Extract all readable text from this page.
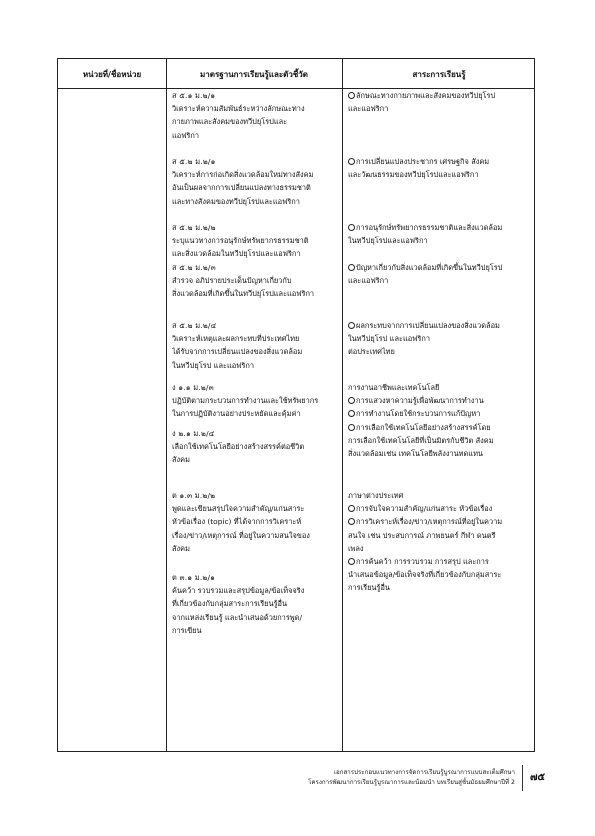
หน่วยที่/ชื่อหน่วย	มาตรฐานการเรียนรู้และตัวชี้วัด	สาระการเรียนรู้
ส ๕.๑ ม.๒/๑
วิเคราะห์ความสัมพันธ์ระหว่างลักษณะทาง
กายภาพและสังคมของทวีปยุโรปและ
แอฟริกา
ส ๕.๒ ม.๒/๑
วิเคราะห์การก่อเกิดสิ่งแวดล้อมใหม่ทางสังคม
อันเป็นผลจากการเปลี่ยนแปลงทางธรรมชาติ
และทางสังคมของทวีปยุโรปและแอฟริกา
ส ๕.๒ ม.๒/๒
ระบุแนวทางการอนุรักษ์ทรัพยากรธรรมชาติ
และสิ่งแวดล้อมในทวีปยุโรปและแอฟริกา
ส ๕.๒ ม.๒/๓
สำรวจ อภิปรายประเด็นปัญหาเกี่ยวกับ
สิ่งแวดล้อมที่เกิดขึ้นในทวีปยุโรปและแอฟริกา
ส ๕.๒ ม.๒/๔
วิเคราะห์เหตุและผลกระทบที่ประเทศไทย
ได้รับจากการเปลี่ยนแปลงของสิ่งแวดล้อม
ในทวีปยุโรป และแอฟริกา
ง ๑.๑ ม.๒/๓
ปฏิบัติตามกระบวนการทำงานและใช้ทรัพยากร
ในการปฏิบัติงานอย่างประหยัดและคุ้มค่า
ง ๒.๑ ม.๒/๔
เลือกใช้เทคโนโลยีอย่างสร้างสรรค์ต่อชีวิต
สังคม
ต ๑.๓ ม.๒/๒
พูดและเขียนสรุปใจความสำคัญ/แก่นสาระ
หัวข้อเรื่อง (topic) ที่ได้จากการวิเคราะห์
เรื่อง/ข่าว/เหตุการณ์ ที่อยู่ในความสนใจของ
สังคม
ต ๓.๑ ม.๒/๑
ค้นคว้า รวบรวมและสรุปข้อมูล/ข้อเท็จจริง
ที่เกี่ยวข้องกับกลุ่มสาระการเรียนรู้อื่น
จากแหล่งเรียนรู้ และนำเสนอด้วยการพูด/
การเขียน
ลักษณะทางกายภาพและสังคมของทวีปยุโรป
และแอฟริกา
การเปลี่ยนแปลงประชากร เศรษฐกิจ สังคม
และวัฒนธรรมของทวีปยุโรปและแอฟริกา
การอนุรักษ์ทรัพยากรธรรมชาติและสิ่งแวดล้อม
ในทวีปยุโรปและแอฟริกา
ปัญหาเกี่ยวกับสิ่งแวดล้อมที่เกิดขึ้นในทวีปยุโรป
และแอฟริกา
ผลกระทบจากการเปลี่ยนแปลงของสิ่งแวดล้อม
ในทวีปยุโรป และแอฟริกา
ต่อประเทศไทย
การงานอาชีพและเทคโนโลยี
การแสวงหาความรู้เพื่อพัฒนาการทำงาน
การทำงานโดยใช้กระบวนการแก้ปัญหา
การเลือกใช้เทคโนโลยีอย่างสร้างสรรค์โดย
การเลือกใช้เทคโนโลยีที่เป็นมิตรกับชีวิต สังคม
สิ่งแวดล้อมเช่น เทคโนโลยีพลังงานทดแทน
ภาษาต่างประเทศ
การจับใจความสำคัญ/แก่นสาระ หัวข้อเรื่อง
การวิเคราะห์เรื่อง/ข่าว/เหตุการณ์ที่อยู่ในความ
สนใจ เช่น ประสบการณ์ ภาพยนตร์ กีฬา ดนตรี
เพลง
การค้นคว้า การรวบรวม การสรุป และการ
นำเสนอข้อมูล/ข้อเท็จจริงที่เกี่ยวข้องกับกลุ่มสาระ
การเรียนรู้อื่น
เอกสารประกอบแนวทางการจัดการเรียนรู้บูรณาการแบบสะเต็มศึกษา
โครงการพัฒนาการเรียนรู้บูรณาการและน้อมนำ บทเรียนสู่ชั้นมัธยมศึกษาปีที่ 2 ๗๕
